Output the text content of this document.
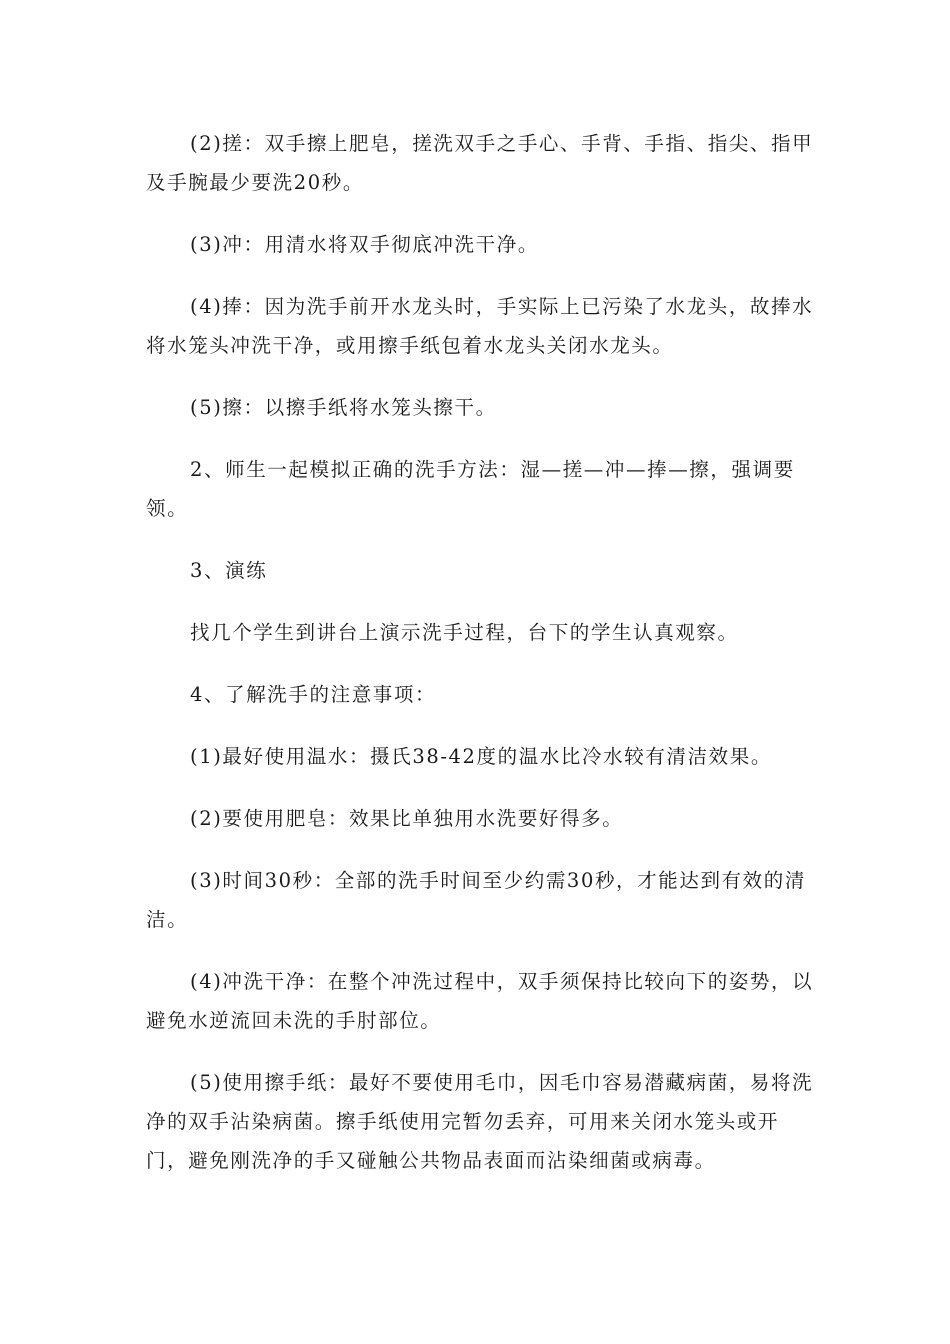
(2)搓：双手擦上肥皂，搓洗双手之手心、手背、手指、指尖、指甲及手腕最少要洗20秒。

(3)冲：用清水将双手彻底冲洗干净。

(4)捧：因为洗手前开水龙头时，手实际上已污染了水龙头，故捧水将水笼头冲洗干净，或用擦手纸包着水龙头关闭水龙头。

(5)擦：以擦手纸将水笼头擦干。

2、师生一起模拟正确的洗手方法：湿—搓—冲—捧—擦，强调要领。

3、演练

找几个学生到讲台上演示洗手过程，台下的学生认真观察。

4、了解洗手的注意事项：

(1)最好使用温水：摄氏38-42度的温水比冷水较有清洁效果。

(2)要使用肥皂：效果比单独用水洗要好得多。

(3)时间30秒：全部的洗手时间至少约需30秒，才能达到有效的清洁。

(4)冲洗干净：在整个冲洗过程中，双手须保持比较向下的姿势，以避免水逆流回未洗的手肘部位。

(5)使用擦手纸：最好不要使用毛巾，因毛巾容易潜藏病菌，易将洗净的双手沾染病菌。擦手纸使用完暂勿丢弃，可用来关闭水笼头或开门，避免刚洗净的手又碰触公共物品表面而沾染细菌或病毒。
